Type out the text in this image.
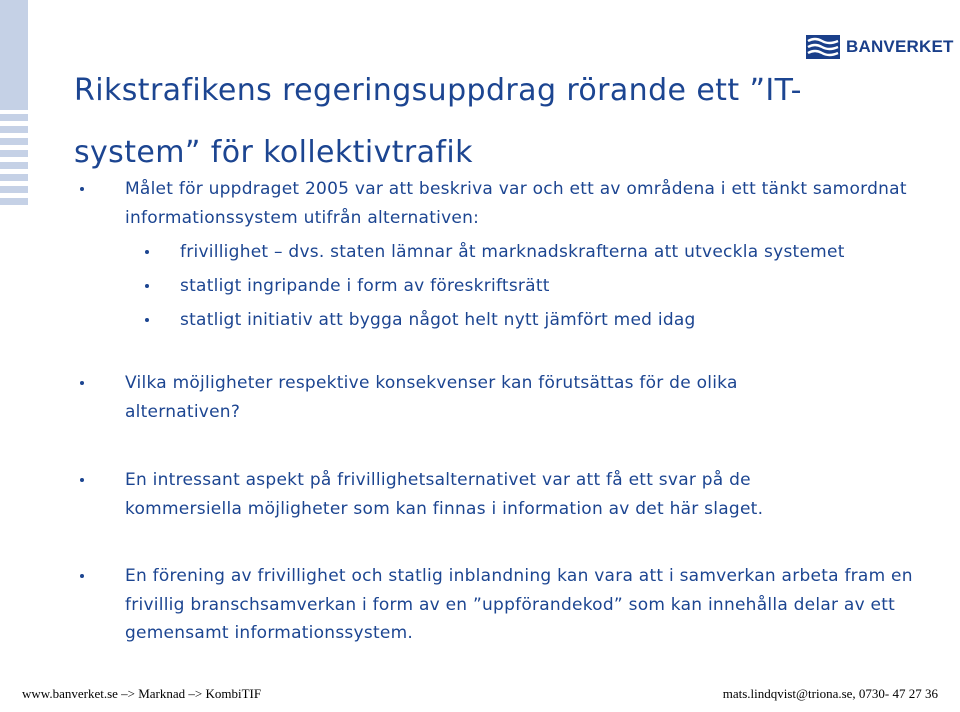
BANVERKET
Rikstrafikens regeringsuppdrag rörande ett ”IT-system” för kollektivtrafik
Målet för uppdraget 2005 var att beskriva var och ett av områdena i ett tänkt samordnat informationssystem utifrån alternativen:
frivillighet – dvs. staten lämnar åt marknadskrafterna att utveckla systemet
statligt ingripande i form av föreskriftsrätt
statligt initiativ att bygga något helt nytt jämfört med idag
Vilka möjligheter respektive konsekvenser kan förutsättas för de olika alternativen?
En intressant aspekt på frivillighetsalternativet var att få ett svar på de kommersiella möjligheter som kan finnas i information av det här slaget.
En förening av frivillighet och statlig inblandning kan vara att i samverkan arbeta fram en frivillig branschsamverkan i form av en ”uppförandekod” som kan innehålla delar av ett gemensamt informationssystem.
www.banverket.se –> Marknad –> KombiTIF	mats.lindqvist@triona.se, 0730- 47 27 36
